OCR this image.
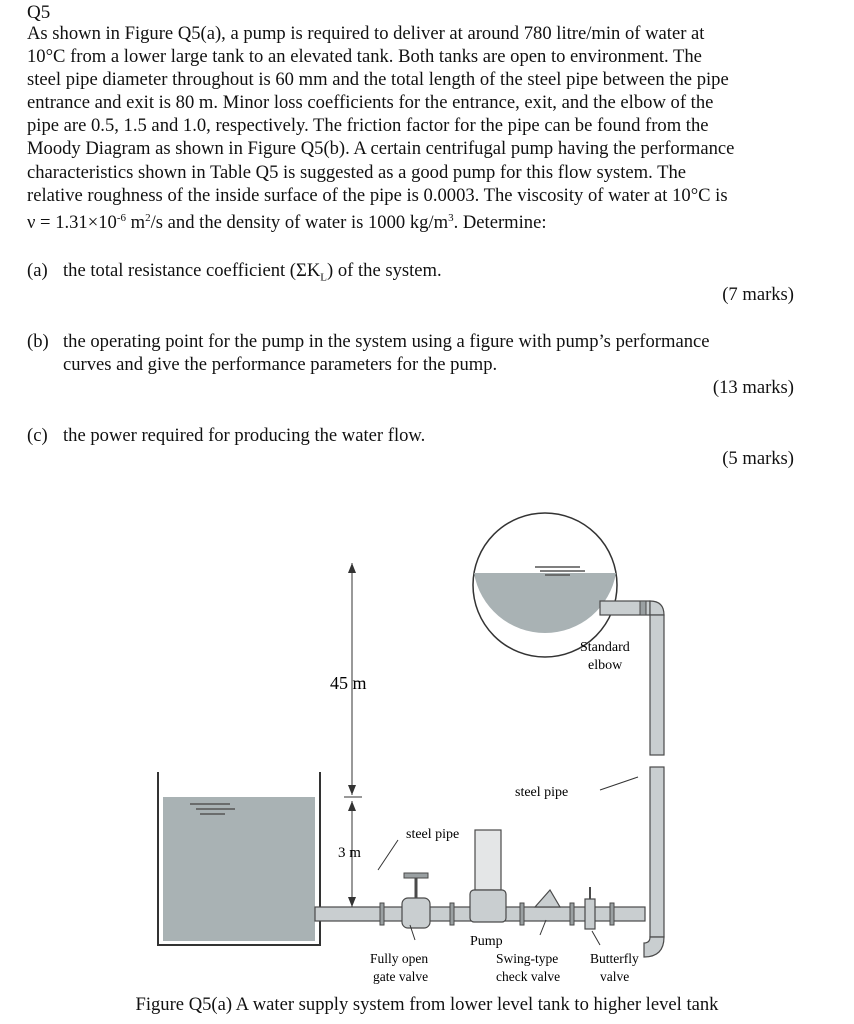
Q5
As shown in Figure Q5(a), a pump is required to deliver at around 780 litre/min of water at
10°C from a lower large tank to an elevated tank. Both tanks are open to environment. The
steel pipe diameter throughout is 60 mm and the total length of the steel pipe between the pipe
entrance and exit is 80 m. Minor loss coefficients for the entrance, exit, and the elbow of the
pipe are 0.5, 1.5 and 1.0, respectively. The friction factor for the pipe can be found from the
Moody Diagram as shown in Figure Q5(b). A certain centrifugal pump having the performance
characteristics shown in Table Q5 is suggested as a good pump for this flow system. The
relative roughness of the inside surface of the pipe is 0.0003. The viscosity of water at 10°C is
$\nu = 1.31\times 10^{-6}$ $m^2/s$ and the density of water is 1000 $kg/m^3$. Determine:
(a) the total resistance coefficient $(\Sigma K_L)$ of the system.
(7 marks)
(b) the operating point for the pump in the system using a figure with pump’s performance
curves and give the performance parameters for the pump.
(13 marks)
(c) the power required for producing the water flow.
(5 marks)
45 m
3 m
Standard
elbow
steel pipe
steel pipe
Pump
Fully open
gate valve
Swing-type
check valve
Butterfly
valve
Figure Q5(a) A water supply system from lower level tank to higher level tank
